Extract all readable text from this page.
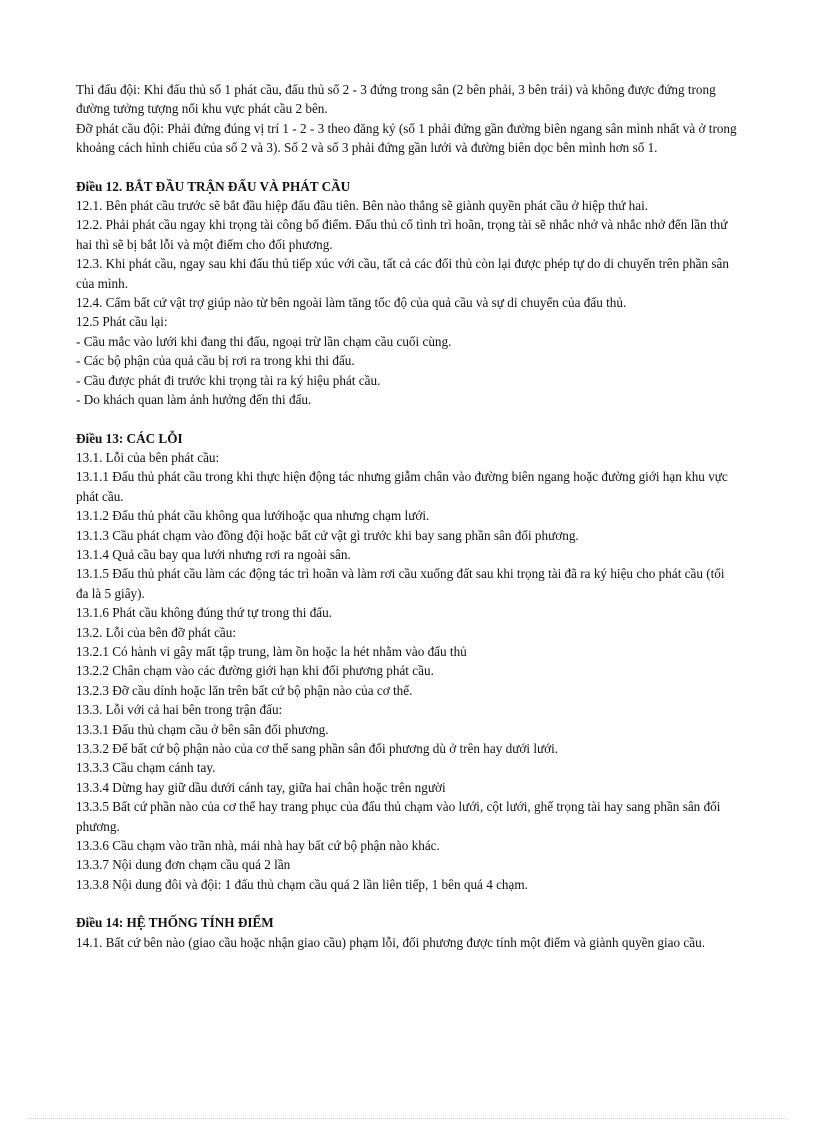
Thi đấu đội: Khi đấu thủ số 1 phát cầu, đấu thủ số 2 - 3 đứng trong sân (2 bên phải, 3 bên trái) và không được đứng trong đường tưởng tượng nối khu vực phát cầu 2 bên.

Đỡ phát cầu đội: Phải đứng đúng vị trí 1 - 2 - 3 theo đăng ký (số 1 phải đứng gần đường biên ngang sân mình nhất và ở trong khoảng cách hình chiếu của số 2 và 3). Số 2 và số 3 phải đứng gần lưới và đường biên dọc bên mình hơn số 1.

Điều 12. BẮT ĐẦU TRẬN ĐẤU VÀ PHÁT CẦU

12.1. Bên phát cầu trước sẽ bắt đầu hiệp đấu đầu tiên. Bên nào thắng sẽ giành quyền phát cầu ở hiệp thứ hai.

12.2. Phải phát cầu ngay khi trọng tài công bố điểm. Đấu thủ cố tình trì hoãn, trọng tài sẽ nhắc nhở và nhắc nhở đến lần thứ hai thì sẽ bị bắt lỗi và một điểm cho đối phương.

12.3. Khi phát cầu, ngay sau khi đấu thủ tiếp xúc với cầu, tất cả các đối thủ còn lại được phép tự do di chuyển trên phần sân của mình.

12.4. Cấm bất cứ vật trợ giúp nào từ bên ngoài làm tăng tốc độ của quả cầu và sự di chuyển của đấu thủ.

12.5 Phát cầu lại:

- Cầu mắc vào lưới khi đang thi đấu, ngoại trừ lần chạm cầu cuối cùng.

- Các bộ phận của quả cầu bị rơi ra trong khi thi đấu.

- Cầu được phát đi trước khi trọng tài ra ký hiệu phát cầu.

- Do khách quan làm ảnh hưởng đến thi đấu.

Điều 13: CÁC LỖI

13.1. Lỗi của bên phát cầu:

13.1.1 Đấu thủ phát cầu trong khi thực hiện động tác nhưng giẫm chân vào đường biên ngang hoặc đường giới hạn khu vực phát cầu.

13.1.2 Đấu thủ phát cầu không qua lướihoặc qua nhưng chạm lưới.

13.1.3 Cầu phát chạm vào đồng đội hoặc bất cứ vật gì trước khi bay sang phần sân đối phương.

13.1.4 Quả cầu bay qua lưới nhưng rơi ra ngoài sân.

13.1.5 Đấu thủ phát cầu làm các động tác trì hoãn và làm rơi cầu xuống đất sau khi trọng tài đã ra ký hiệu cho phát cầu (tối đa là 5 giây).

13.1.6 Phát cầu không đúng thứ tự trong thi đấu.

13.2. Lỗi của bên đỡ phát cầu:

13.2.1 Có hành vi gây mất tập trung, làm ồn hoặc la hét nhằm vào đấu thủ

13.2.2 Chân chạm vào các đường giới hạn khi đối phương phát cầu.

13.2.3 Đỡ cầu dính hoặc lăn trên bất cứ bộ phận nào của cơ thể.

13.3. Lỗi với cả hai bên trong trận đấu:

13.3.1 Đấu thủ chạm cầu ở bên sân đối phương.

13.3.2 Để bất cứ bộ phận nào của cơ thể sang phần sân đối phương dù ở trên hay dưới lưới.

13.3.3 Cầu chạm cánh tay.

13.3.4 Dừng hay giữ dầu dưới cánh tay, giữa hai chân hoặc trên người

13.3.5 Bất cứ phần nào của cơ thể hay trang phục của đấu thủ chạm vào lưới, cột lưới, ghế trọng tài hay sang phần sân đối phương.

13.3.6 Cầu chạm vào trần nhà, mái nhà hay bất cứ bộ phận nào khác.

13.3.7 Nội dung đơn chạm cầu quá 2 lần

13.3.8 Nội dung đôi và đội: 1 đấu thủ chạm cầu quá 2 lần liên tiếp, 1 bên quá 4 chạm.

Điều 14: HỆ THỐNG TÍNH ĐIỂM

14.1. Bất cứ bên nào (giao cầu hoặc nhận giao cầu) phạm lỗi, đối phương được tính một điểm và giành quyền giao cầu.
